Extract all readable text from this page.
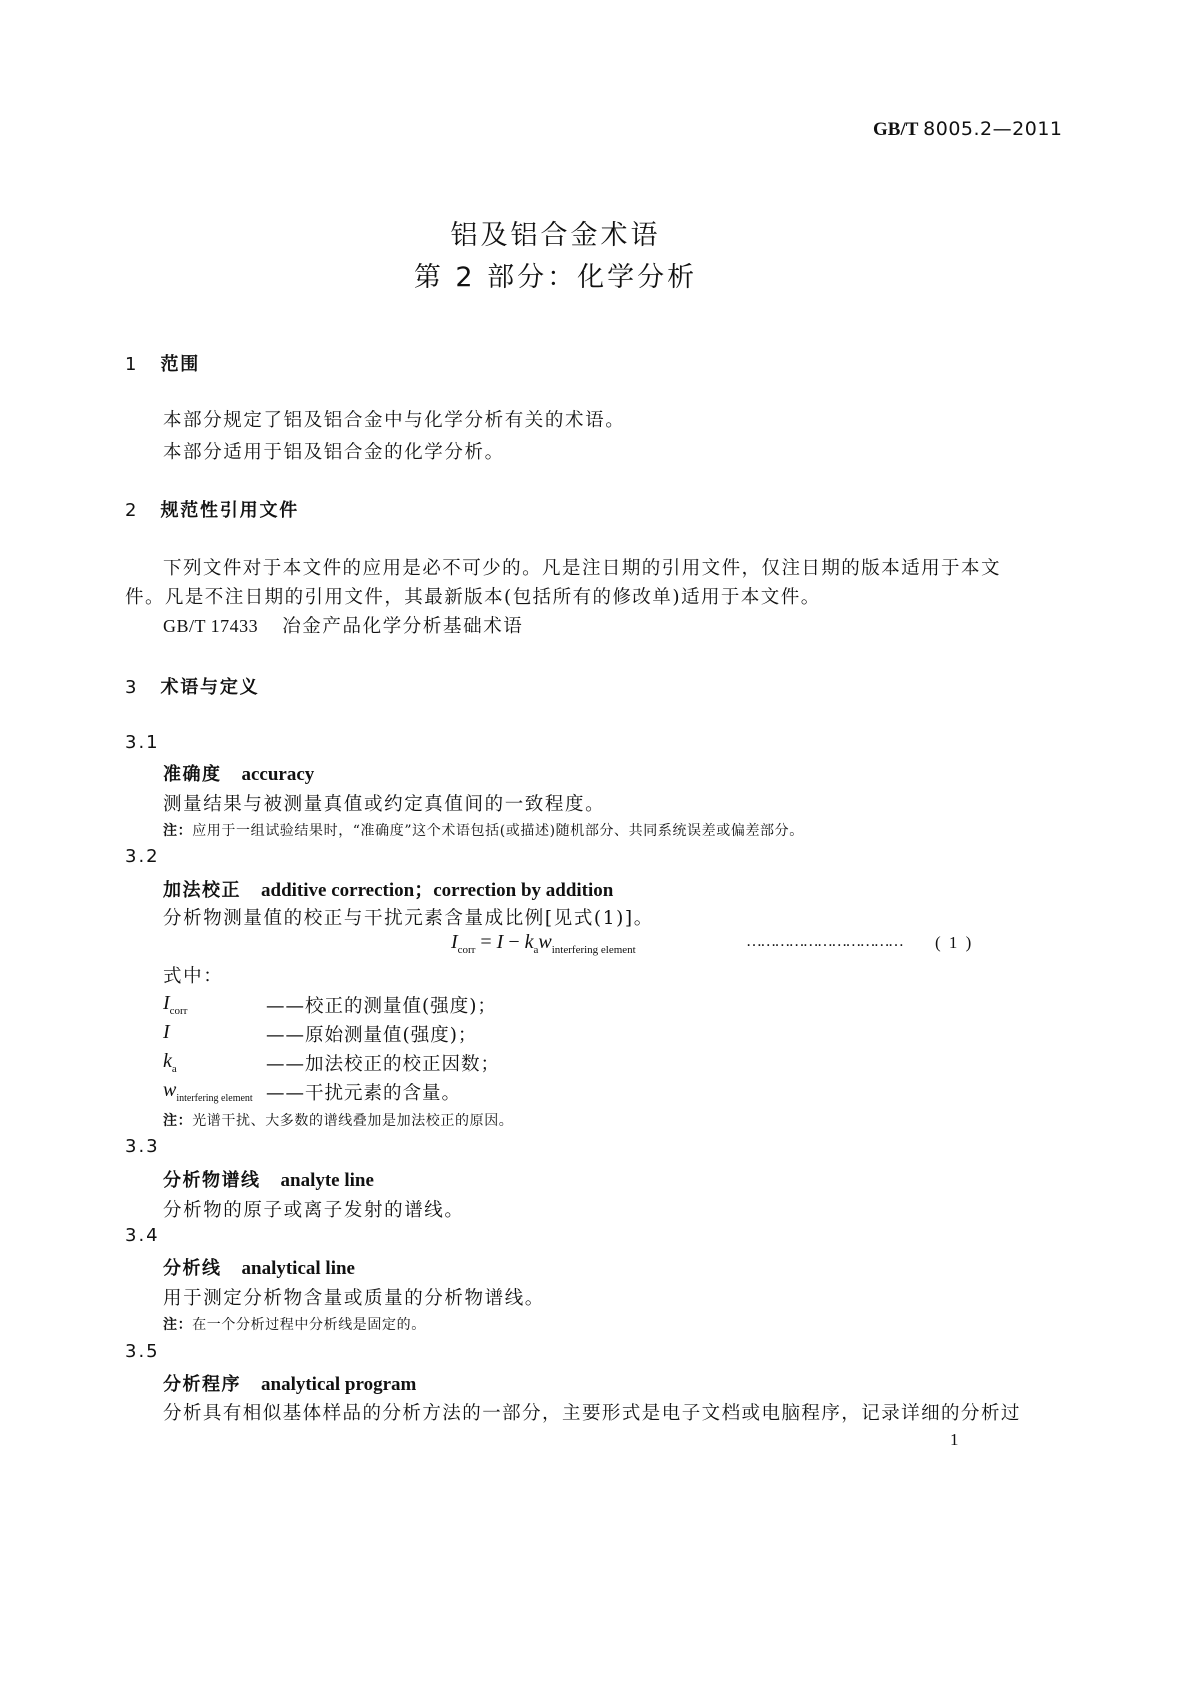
GB/T 8005.2—2011
铝及铝合金术语
第 2 部分：化学分析
1 范围
本部分规定了铝及铝合金中与化学分析有关的术语。
本部分适用于铝及铝合金的化学分析。
2 规范性引用文件
下列文件对于本文件的应用是必不可少的。凡是注日期的引用文件，仅注日期的版本适用于本文
件。凡是不注日期的引用文件，其最新版本(包括所有的修改单)适用于本文件。
GB/T 17433 冶金产品化学分析基础术语
3 术语与定义
3.1
准确度 accuracy
测量结果与被测量真值或约定真值间的一致程度。
注：应用于一组试验结果时，“准确度”这个术语包括(或描述)随机部分、共同系统误差或偏差部分。
3.2
加法校正 additive correction；correction by addition
分析物测量值的校正与干扰元素含量成比例[见式(1)]。
$I_{corr} = I - k_aw_{interfering element}$	…………………………… ( 1 )
式中：
$I_{corr}$	——校正的测量值(强度)；
I	——原始测量值(强度)；
$k_a$	——加法校正的校正因数；
$w_{interfering element}$ ——干扰元素的含量。
注：光谱干扰、大多数的谱线叠加是加法校正的原因。
3.3
分析物谱线 analyte line
分析物的原子或离子发射的谱线。
3.4
分析线 analytical line
用于测定分析物含量或质量的分析物谱线。
注：在一个分析过程中分析线是固定的。
3.5
分析程序 analytical program
分析具有相似基体样品的分析方法的一部分，主要形式是电子文档或电脑程序，记录详细的分析过
1
